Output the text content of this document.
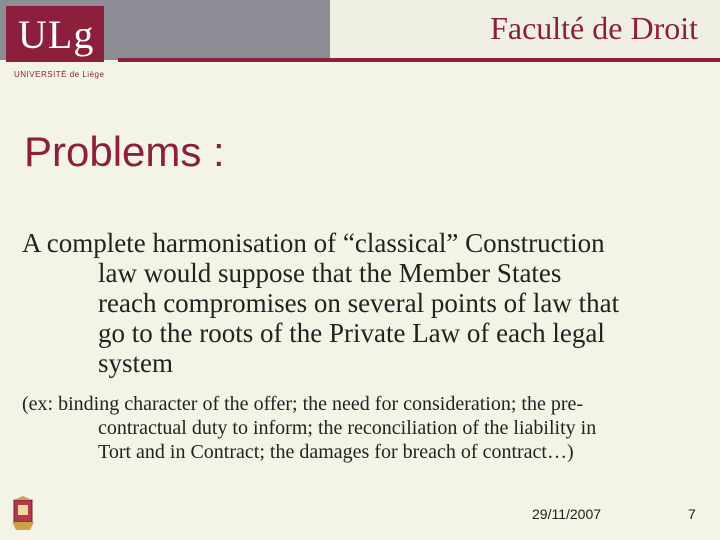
ULg
UNIVERSITÉ de Liège
Faculté de Droit
Problems :
A complete harmonisation of “classical” Construction
law would suppose that the Member States
reach compromises on several points of law that
go to the roots of the Private Law of each legal
system
(ex: binding character of the offer; the need for consideration; the pre-
contractual duty to inform; the reconciliation of the liability in
Tort and in Contract; the damages for breach of contract…)
29/11/2007	7
